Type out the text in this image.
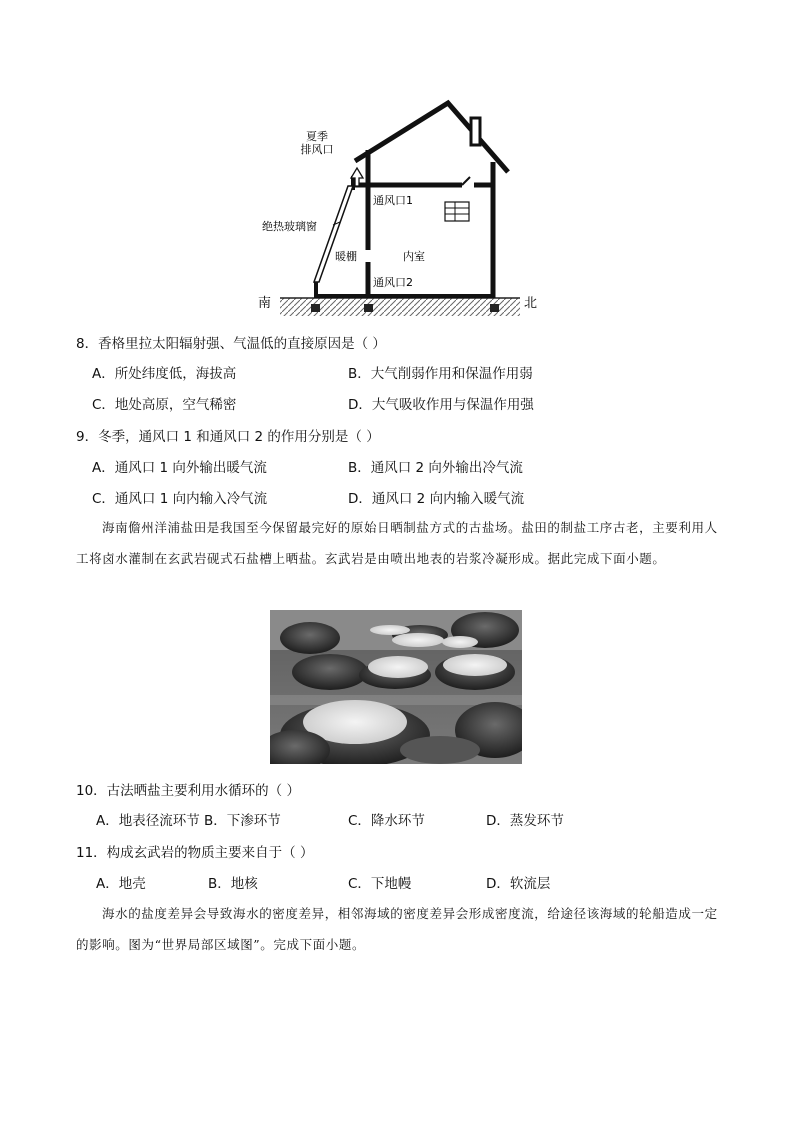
夏季
排风口
通风口1
绝热玻璃窗
暖棚	内室
通风口2
南	北
8．香格里拉太阳辐射强、气温低的直接原因是（ ）
A．所处纬度低，海拔高	B．大气削弱作用和保温作用弱
C．地处高原，空气稀密	D．大气吸收作用与保温作用强
9．冬季，通风口 1 和通风口 2 的作用分别是（ ）
A．通风口 1 向外输出暖气流	B．通风口 2 向外输出冷气流
C．通风口 1 向内输入冷气流	D．通风口 2 向内输入暖气流
海南儋州洋浦盐田是我国至今保留最完好的原始日晒制盐方式的古盐场。盐田的制盐工序古老，主要利用人工将卤水灌制在玄武岩砚式石盐槽上晒盐。玄武岩是由喷出地表的岩浆冷凝形成。据此完成下面小题。
10．古法晒盐主要利用水循环的（ ）
A．地表径流环节 B．下渗环节	C．降水环节	D．蒸发环节
11．构成玄武岩的物质主要来自于（ ）
A．地壳	B．地核	C．下地幔	D．软流层
海水的盐度差异会导致海水的密度差异，相邻海域的密度差异会形成密度流，给途径该海域的轮船造成一定的影响。图为“世界局部区域图”。完成下面小题。
